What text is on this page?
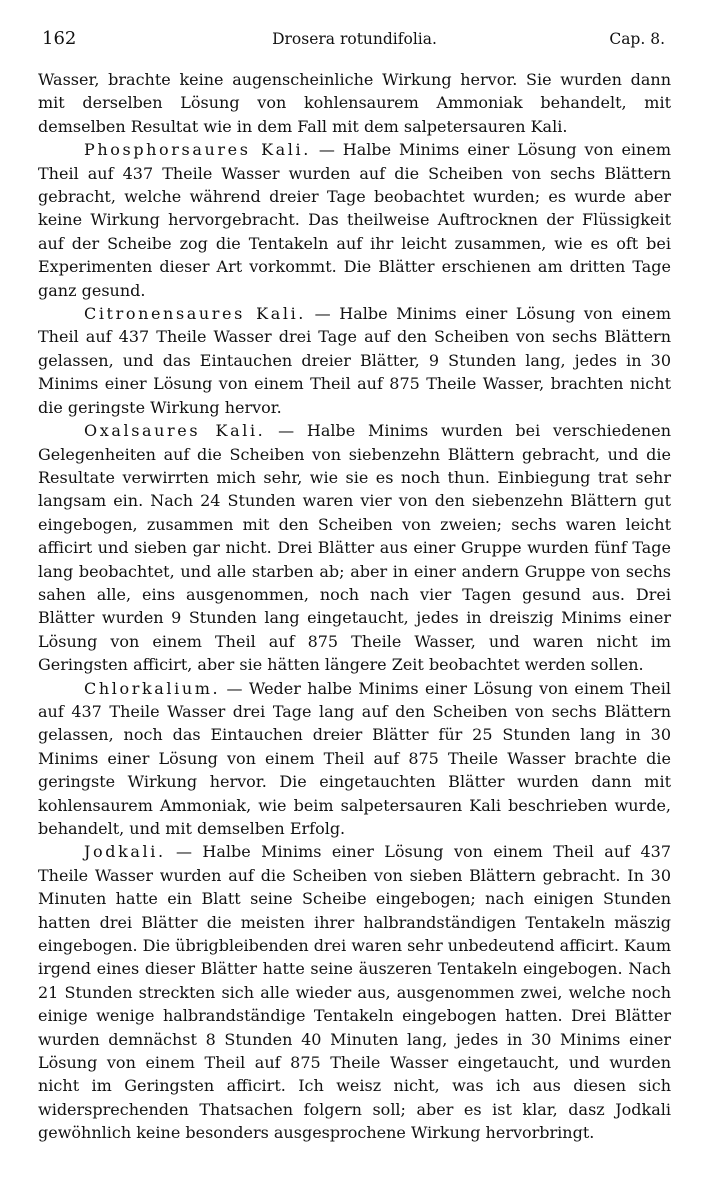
162	Drosera rotundifolia.	Cap. 8.

Wasser, brachte keine augenscheinliche Wirkung hervor. Sie wurden dann mit derselben Lösung von kohlensaurem Ammoniak behandelt, mit demselben Resultat wie in dem Fall mit dem salpetersauren Kali.

Phosphorsaures Kali. — Halbe Minims einer Lösung von einem Theil auf 437 Theile Wasser wurden auf die Scheiben von sechs Blättern gebracht, welche während dreier Tage beobachtet wurden; es wurde aber keine Wirkung hervorgebracht. Das theilweise Auftrocknen der Flüssigkeit auf der Scheibe zog die Tentakeln auf ihr leicht zusammen, wie es oft bei Experimenten dieser Art vorkommt. Die Blätter erschienen am dritten Tage ganz gesund.

Citronensaures Kali. — Halbe Minims einer Lösung von einem Theil auf 437 Theile Wasser drei Tage auf den Scheiben von sechs Blättern gelassen, und das Eintauchen dreier Blätter, 9 Stunden lang, jedes in 30 Minims einer Lösung von einem Theil auf 875 Theile Wasser, brachten nicht die geringste Wirkung hervor.

Oxalsaures Kali. — Halbe Minims wurden bei verschiedenen Gelegenheiten auf die Scheiben von siebenzehn Blättern gebracht, und die Resultate verwirrten mich sehr, wie sie es noch thun. Einbiegung trat sehr langsam ein. Nach 24 Stunden waren vier von den siebenzehn Blättern gut eingebogen, zusammen mit den Scheiben von zweien; sechs waren leicht afficirt und sieben gar nicht. Drei Blätter aus einer Gruppe wurden fünf Tage lang beobachtet, und alle starben ab; aber in einer andern Gruppe von sechs sahen alle, eins ausgenommen, noch nach vier Tagen gesund aus. Drei Blätter wurden 9 Stunden lang eingetaucht, jedes in dreiszig Minims einer Lösung von einem Theil auf 875 Theile Wasser, und waren nicht im Geringsten afficirt, aber sie hätten längere Zeit beobachtet werden sollen.

Chlorkalium. — Weder halbe Minims einer Lösung von einem Theil auf 437 Theile Wasser drei Tage lang auf den Scheiben von sechs Blättern gelassen, noch das Eintauchen dreier Blätter für 25 Stunden lang in 30 Minims einer Lösung von einem Theil auf 875 Theile Wasser brachte die geringste Wirkung hervor. Die eingetauchten Blätter wurden dann mit kohlensaurem Ammoniak, wie beim salpetersauren Kali beschrieben wurde, behandelt, und mit demselben Erfolg.

Jodkali. — Halbe Minims einer Lösung von einem Theil auf 437 Theile Wasser wurden auf die Scheiben von sieben Blättern gebracht. In 30 Minuten hatte ein Blatt seine Scheibe eingebogen; nach einigen Stunden hatten drei Blätter die meisten ihrer halbrandständigen Tentakeln mäszig eingebogen. Die übrigbleibenden drei waren sehr unbedeutend afficirt. Kaum irgend eines dieser Blätter hatte seine äuszeren Tentakeln eingebogen. Nach 21 Stunden streckten sich alle wieder aus, ausgenommen zwei, welche noch einige wenige halbrandständige Tentakeln eingebogen hatten. Drei Blätter wurden demnächst 8 Stunden 40 Minuten lang, jedes in 30 Minims einer Lösung von einem Theil auf 875 Theile Wasser eingetaucht, und wurden nicht im Geringsten afficirt. Ich weisz nicht, was ich aus diesen sich widersprechenden Thatsachen folgern soll; aber es ist klar, dasz Jodkali gewöhnlich keine besonders ausgesprochene Wirkung hervorbringt.
